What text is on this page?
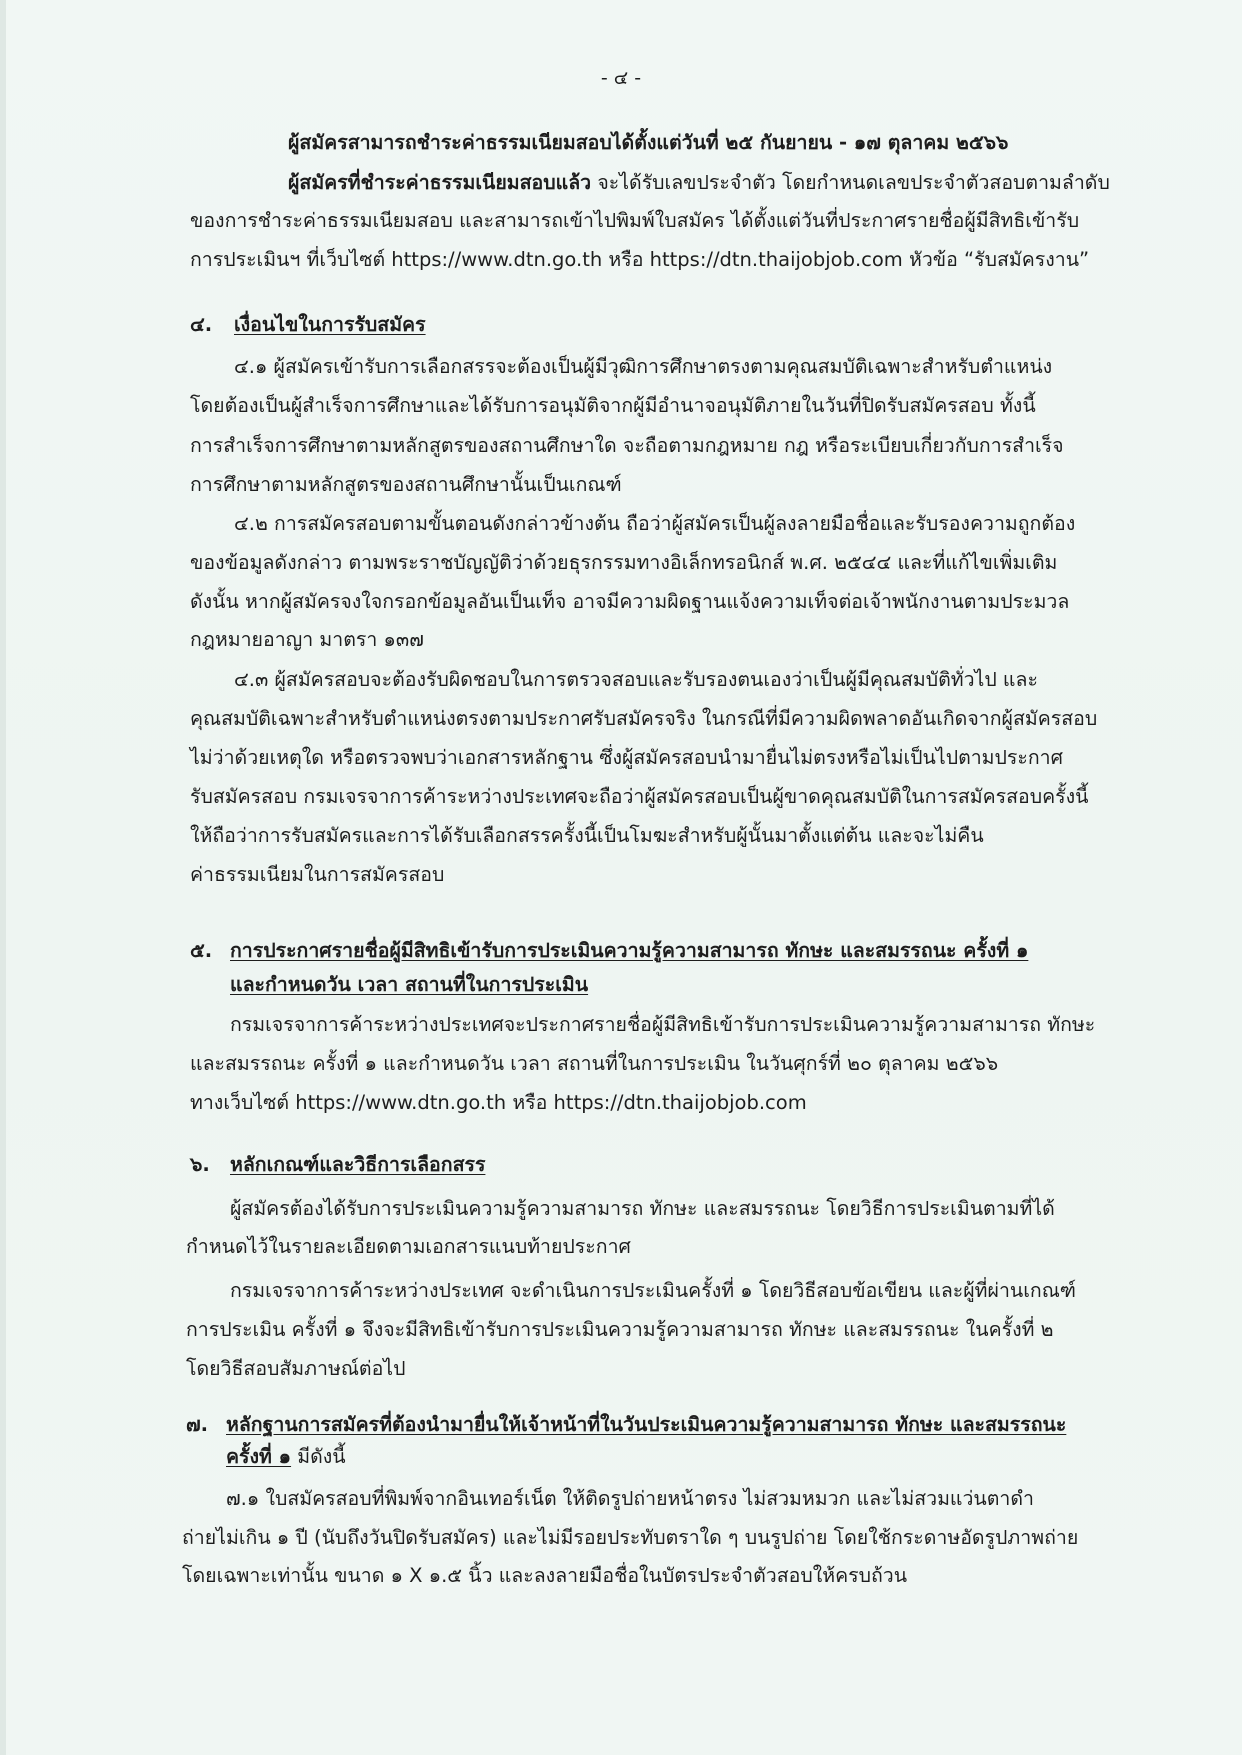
- ๔ -
ผู้สมัครสามารถชำระค่าธรรมเนียมสอบได้ตั้งแต่วันที่ ๒๕ กันยายน - ๑๗ ตุลาคม ๒๕๖๖
ผู้สมัครที่ชำระค่าธรรมเนียมสอบแล้ว จะได้รับเลขประจำตัว โดยกำหนดเลขประจำตัวสอบตามลำดับ
ของการชำระค่าธรรมเนียมสอบ และสามารถเข้าไปพิมพ์ใบสมัคร ได้ตั้งแต่วันที่ประกาศรายชื่อผู้มีสิทธิเข้ารับ
การประเมินฯ ที่เว็บไซต์ https://www.dtn.go.th หรือ https://dtn.thaijobjob.com หัวข้อ “รับสมัครงาน”
๔. เงื่อนไขในการรับสมัคร
๔.๑ ผู้สมัครเข้ารับการเลือกสรรจะต้องเป็นผู้มีวุฒิการศึกษาตรงตามคุณสมบัติเฉพาะสำหรับตำแหน่ง
โดยต้องเป็นผู้สำเร็จการศึกษาและได้รับการอนุมัติจากผู้มีอำนาจอนุมัติภายในวันที่ปิดรับสมัครสอบ ทั้งนี้
การสำเร็จการศึกษาตามหลักสูตรของสถานศึกษาใด จะถือตามกฎหมาย กฎ หรือระเบียบเกี่ยวกับการสำเร็จ
การศึกษาตามหลักสูตรของสถานศึกษานั้นเป็นเกณฑ์
๔.๒ การสมัครสอบตามขั้นตอนดังกล่าวข้างต้น ถือว่าผู้สมัครเป็นผู้ลงลายมือชื่อและรับรองความถูกต้อง
ของข้อมูลดังกล่าว ตามพระราชบัญญัติว่าด้วยธุรกรรมทางอิเล็กทรอนิกส์ พ.ศ. ๒๕๔๔ และที่แก้ไขเพิ่มเติม
ดังนั้น หากผู้สมัครจงใจกรอกข้อมูลอันเป็นเท็จ อาจมีความผิดฐานแจ้งความเท็จต่อเจ้าพนักงานตามประมวล
กฎหมายอาญา มาตรา ๑๓๗
๔.๓ ผู้สมัครสอบจะต้องรับผิดชอบในการตรวจสอบและรับรองตนเองว่าเป็นผู้มีคุณสมบัติทั่วไป และ
คุณสมบัติเฉพาะสำหรับตำแหน่งตรงตามประกาศรับสมัครจริง ในกรณีที่มีความผิดพลาดอันเกิดจากผู้สมัครสอบ
ไม่ว่าด้วยเหตุใด หรือตรวจพบว่าเอกสารหลักฐาน ซึ่งผู้สมัครสอบนำมายื่นไม่ตรงหรือไม่เป็นไปตามประกาศ
รับสมัครสอบ กรมเจรจาการค้าระหว่างประเทศจะถือว่าผู้สมัครสอบเป็นผู้ขาดคุณสมบัติในการสมัครสอบครั้งนี้
ให้ถือว่าการรับสมัครและการได้รับเลือกสรรครั้งนี้เป็นโมฆะสำหรับผู้นั้นมาตั้งแต่ต้น และจะไม่คืน
ค่าธรรมเนียมในการสมัครสอบ
๕. การประกาศรายชื่อผู้มีสิทธิเข้ารับการประเมินความรู้ความสามารถ ทักษะ และสมรรถนะ ครั้งที่ ๑
และกำหนดวัน เวลา สถานที่ในการประเมิน
กรมเจรจาการค้าระหว่างประเทศจะประกาศรายชื่อผู้มีสิทธิเข้ารับการประเมินความรู้ความสามารถ ทักษะ
และสมรรถนะ ครั้งที่ ๑ และกำหนดวัน เวลา สถานที่ในการประเมิน ในวันศุกร์ที่ ๒๐ ตุลาคม ๒๕๖๖
ทางเว็บไซต์ https://www.dtn.go.th หรือ https://dtn.thaijobjob.com
๖. หลักเกณฑ์และวิธีการเลือกสรร
ผู้สมัครต้องได้รับการประเมินความรู้ความสามารถ ทักษะ และสมรรถนะ โดยวิธีการประเมินตามที่ได้
กำหนดไว้ในรายละเอียดตามเอกสารแนบท้ายประกาศ
กรมเจรจาการค้าระหว่างประเทศ จะดำเนินการประเมินครั้งที่ ๑ โดยวิธีสอบข้อเขียน และผู้ที่ผ่านเกณฑ์
การประเมิน ครั้งที่ ๑ จึงจะมีสิทธิเข้ารับการประเมินความรู้ความสามารถ ทักษะ และสมรรถนะ ในครั้งที่ ๒
โดยวิธีสอบสัมภาษณ์ต่อไป
๗. หลักฐานการสมัครที่ต้องนำมายื่นให้เจ้าหน้าที่ในวันประเมินความรู้ความสามารถ ทักษะ และสมรรถนะ
ครั้งที่ ๑ มีดังนี้
๗.๑ ใบสมัครสอบที่พิมพ์จากอินเทอร์เน็ต ให้ติดรูปถ่ายหน้าตรง ไม่สวมหมวก และไม่สวมแว่นตาดำ
ถ่ายไม่เกิน ๑ ปี (นับถึงวันปิดรับสมัคร) และไม่มีรอยประทับตราใด ๆ บนรูปถ่าย โดยใช้กระดาษอัดรูปภาพถ่าย
โดยเฉพาะเท่านั้น ขนาด ๑ X ๑.๕ นิ้ว และลงลายมือชื่อในบัตรประจำตัวสอบให้ครบถ้วน
